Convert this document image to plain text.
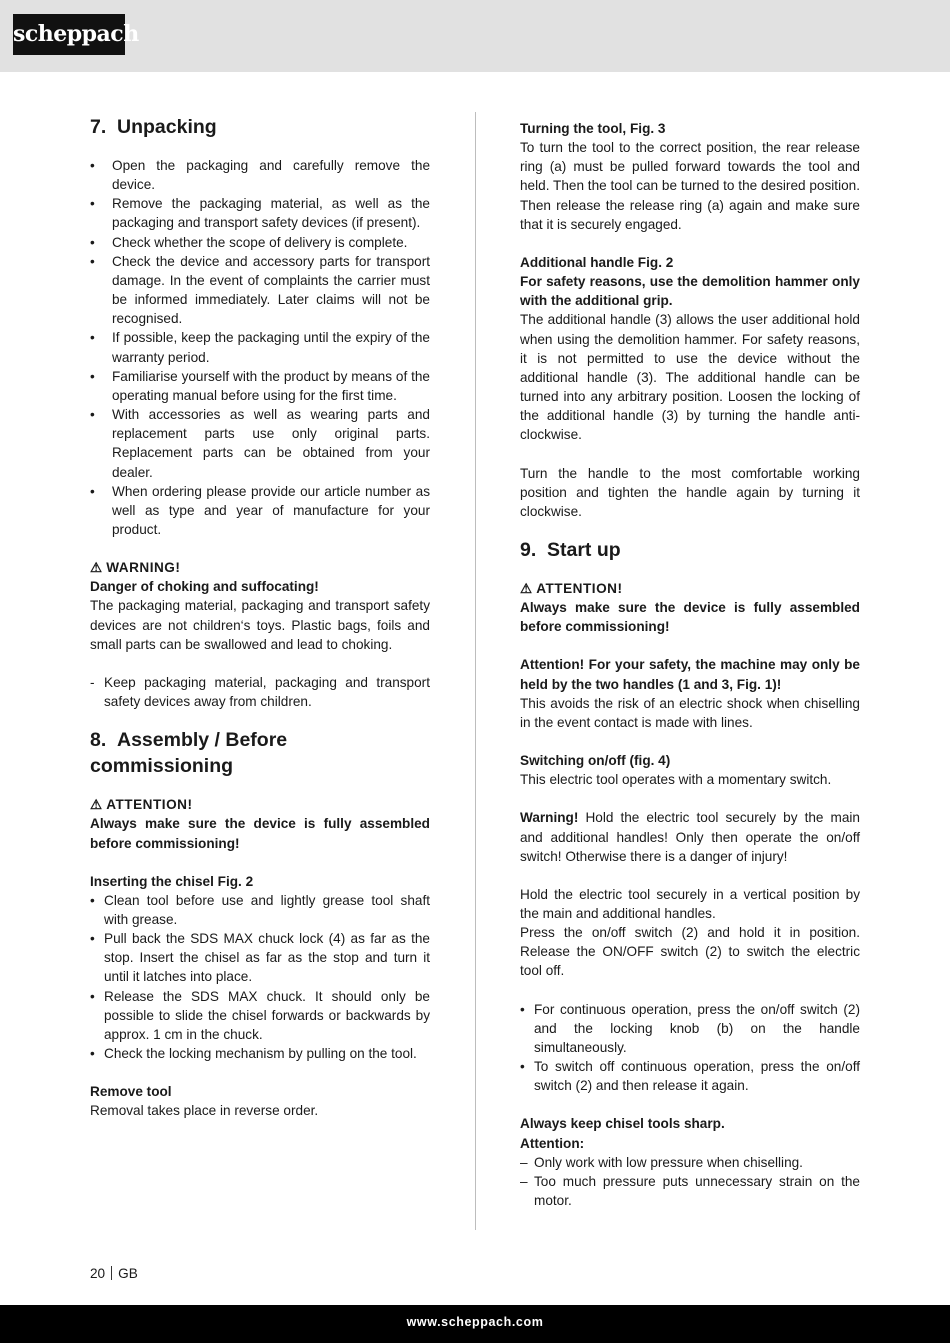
scheppach
7. Unpacking
• Open the packaging and carefully remove the device.
• Remove the packaging material, as well as the packaging and transport safety devices (if present).
• Check whether the scope of delivery is complete.
• Check the device and accessory parts for transport damage. In the event of complaints the carrier must be informed immediately. Later claims will not be recognised.
• If possible, keep the packaging until the expiry of the warranty period.
• Familiarise yourself with the product by means of the operating manual before using for the first time.
• With accessories as well as wearing parts and replacement parts use only original parts. Replacement parts can be obtained from your dealer.
• When ordering please provide our article number as well as type and year of manufacture for your product.

⚠ WARNING!

Danger of choking and suffocating!

The packaging material, packaging and transport safety devices are not children‘s toys. Plastic bags, foils and small parts can be swallowed and lead to choking.

- Keep packaging material, packaging and transport safety devices away from children.
8. Assembly / Before commissioning

⚠ ATTENTION!

Always make sure the device is fully assembled before commissioning!

Inserting the chisel Fig. 2

• Clean tool before use and lightly grease tool shaft with grease.
• Pull back the SDS MAX chuck lock (4) as far as the stop. Insert the chisel as far as the stop and turn it until it latches into place.
• Release the SDS MAX chuck. It should only be possible to slide the chisel forwards or backwards by approx. 1 cm in the chuck.
• Check the locking mechanism by pulling on the tool.

Remove tool

Removal takes place in reverse order.

Turning the tool, Fig. 3

To turn the tool to the correct position, the rear release ring (a) must be pulled forward towards the tool and held. Then the tool can be turned to the desired position. Then release the release ring (a) again and make sure that it is securely engaged.

Additional handle Fig. 2

For safety reasons, use the demolition hammer only with the additional grip.

The additional handle (3) allows the user additional hold when using the demolition hammer. For safety reasons, it is not permitted to use the device without the additional handle (3). The additional handle can be turned into any arbitrary position. Loosen the locking of the additional handle (3) by turning the handle anti-clockwise.

Turn the handle to the most comfortable working position and tighten the handle again by turning it clockwise.

9. Start up

⚠ ATTENTION!

Always make sure the device is fully assembled before commissioning!

Attention! For your safety, the machine may only be held by the two handles (1 and 3, Fig. 1)!

This avoids the risk of an electric shock when chiselling in the event contact is made with lines.

Switching on/off (fig. 4)

This electric tool operates with a momentary switch.

Warning! Hold the electric tool securely by the main and additional handles! Only then operate the on/off switch! Otherwise there is a danger of injury!

Hold the electric tool securely in a vertical position by the main and additional handles.

Press the on/off switch (2) and hold it in position. Release the ON/OFF switch (2) to switch the electric tool off.

• For continuous operation, press the on/off switch (2) and the locking knob (b) on the handle simultaneously.
• To switch off continuous operation, press the on/off switch (2) and then release it again.

Always keep chisel tools sharp.

Attention:

– Only work with low pressure when chiselling.
– Too much pressure puts unnecessary strain on the motor.
20 GB
www.scheppach.com
